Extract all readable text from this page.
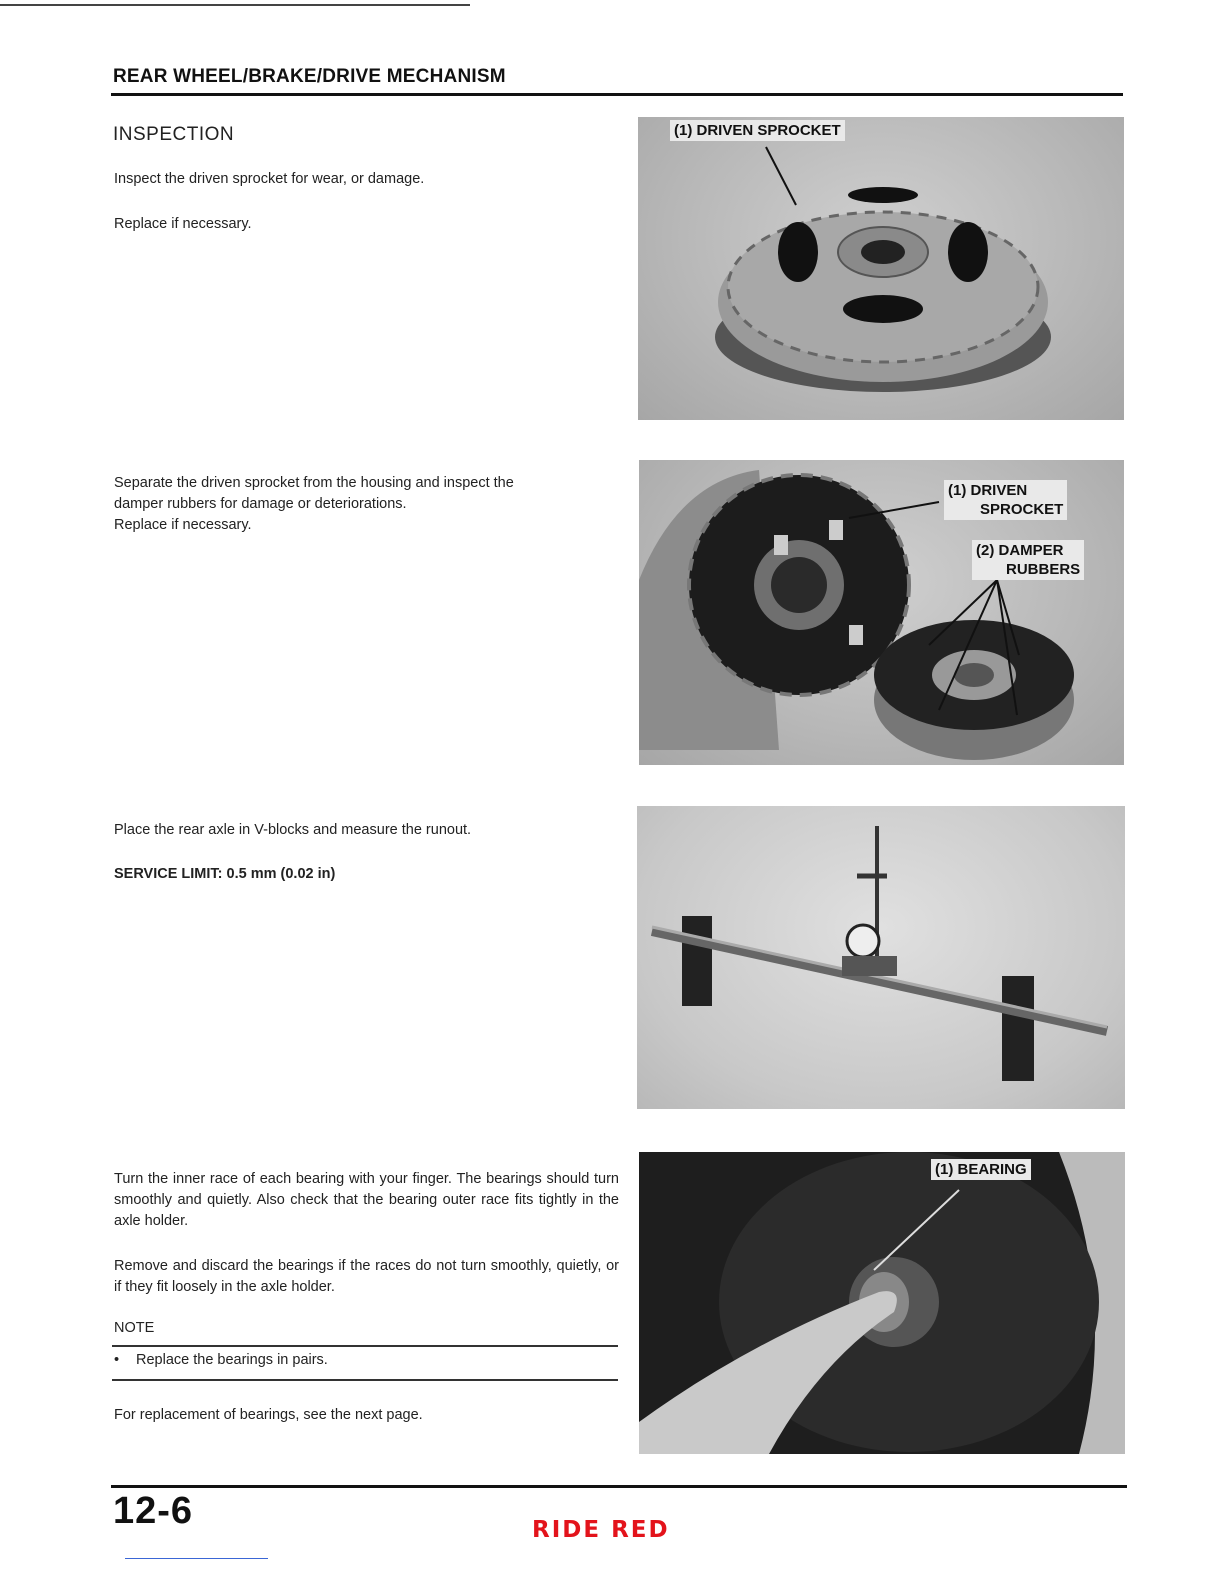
REAR WHEEL/BRAKE/DRIVE MECHANISM
INSPECTION

Inspect the driven sprocket for wear, or damage.

Replace if necessary.

(1) DRIVEN SPROCKET

Separate the driven sprocket from the housing and inspect the
damper rubbers for damage or deteriorations.
Replace if necessary.

(1) DRIVEN
SPROCKET
(2) DAMPER
RUBBERS

Place the rear axle in V-blocks and measure the runout.

SERVICE LIMIT: 0.5 mm (0.02 in)

Turn the inner race of each bearing with your finger. The bearings should turn smoothly and quietly. Also check that the bearing outer race fits tightly in the axle holder.

Remove and discard the bearings if the races do not turn smoothly, quietly, or if they fit loosely in the axle holder.

NOTE
• Replace the bearings in pairs.

For replacement of bearings, see the next page.

(1) BEARING
12-6	RIDE RED
